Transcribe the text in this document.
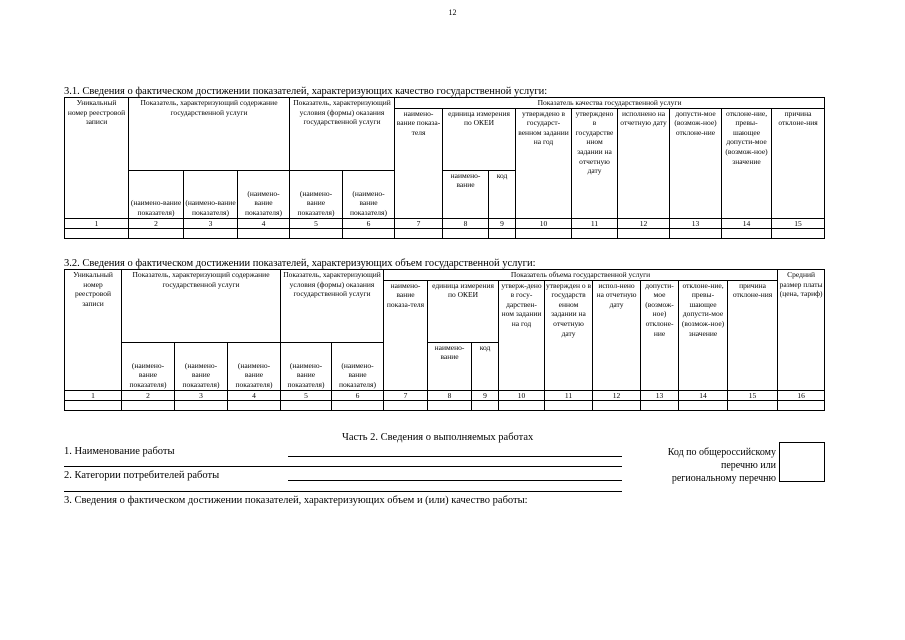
12
3.1. Сведения о фактическом достижении показателей, характеризующих качество государственной услуги:
Уникальный номер реестровой записи	Показатель, характеризующий содержание государственной услуги			Показатель, характеризующий условия (формы) оказания государственной услуги		Показатель качества государственной услуги								
						наимено-вание показа-теля	единица измерения по ОКЕИ		утверждено в государст-венном задании на год	утверждено в государстве нном задании на отчетную дату	исполнено на отчетную дату	допусти-мое (возмож-ное) отклоне-ние	отклоне-ние, превы-шающее допусти-мое (возмож-ное) значение	причина отклоне-ния
	(наимено-вание показателя)	(наимено-вание показателя)	(наимено-вание показателя)	(наимено-вание показателя)	(наимено-вание показателя)		наимено-вание	код						
1	2	3	4	5	6	7	8	9	10	11	12	13	14	15

3.2. Сведения о фактическом достижении показателей, характеризующих объем государственной услуги:
Уникальный номер реестровой записи	Показатель, характеризующий содержание государственной услуги			Показатель, характеризующий условия (формы) оказания государственной услуги		Показатель объема государственной услуги									Средний размер платы (цена, тариф)
						наимено-вание показа-теля	единица измерения по ОКЕИ		утверж-дено в госу-дарствен-ном задании на год	утвержден о в государств енном задании на отчетную дату	испол-нено на отчетную дату	допусти-мое (возмож-ное) отклоне-ние	отклоне-ние, превы-шающее допусти-мое (возмож-ное) значение	причина отклоне-ния	
	(наимено-вание показателя)	(наимено-вание показателя)	(наимено-вание показателя)	(наимено-вание показателя)	(наимено-вание показателя)		наимено-вание	код							
1	2	3	4	5	6	7	8	9	10	11	12	13	14	15	16

Часть 2. Сведения о выполняемых работах
1. Наименование работы
2. Категории потребителей работы
3. Сведения о фактическом достижении показателей, характеризующих объем и (или) качество работы:
Код по общероссийскому
перечню или
региональному перечню
